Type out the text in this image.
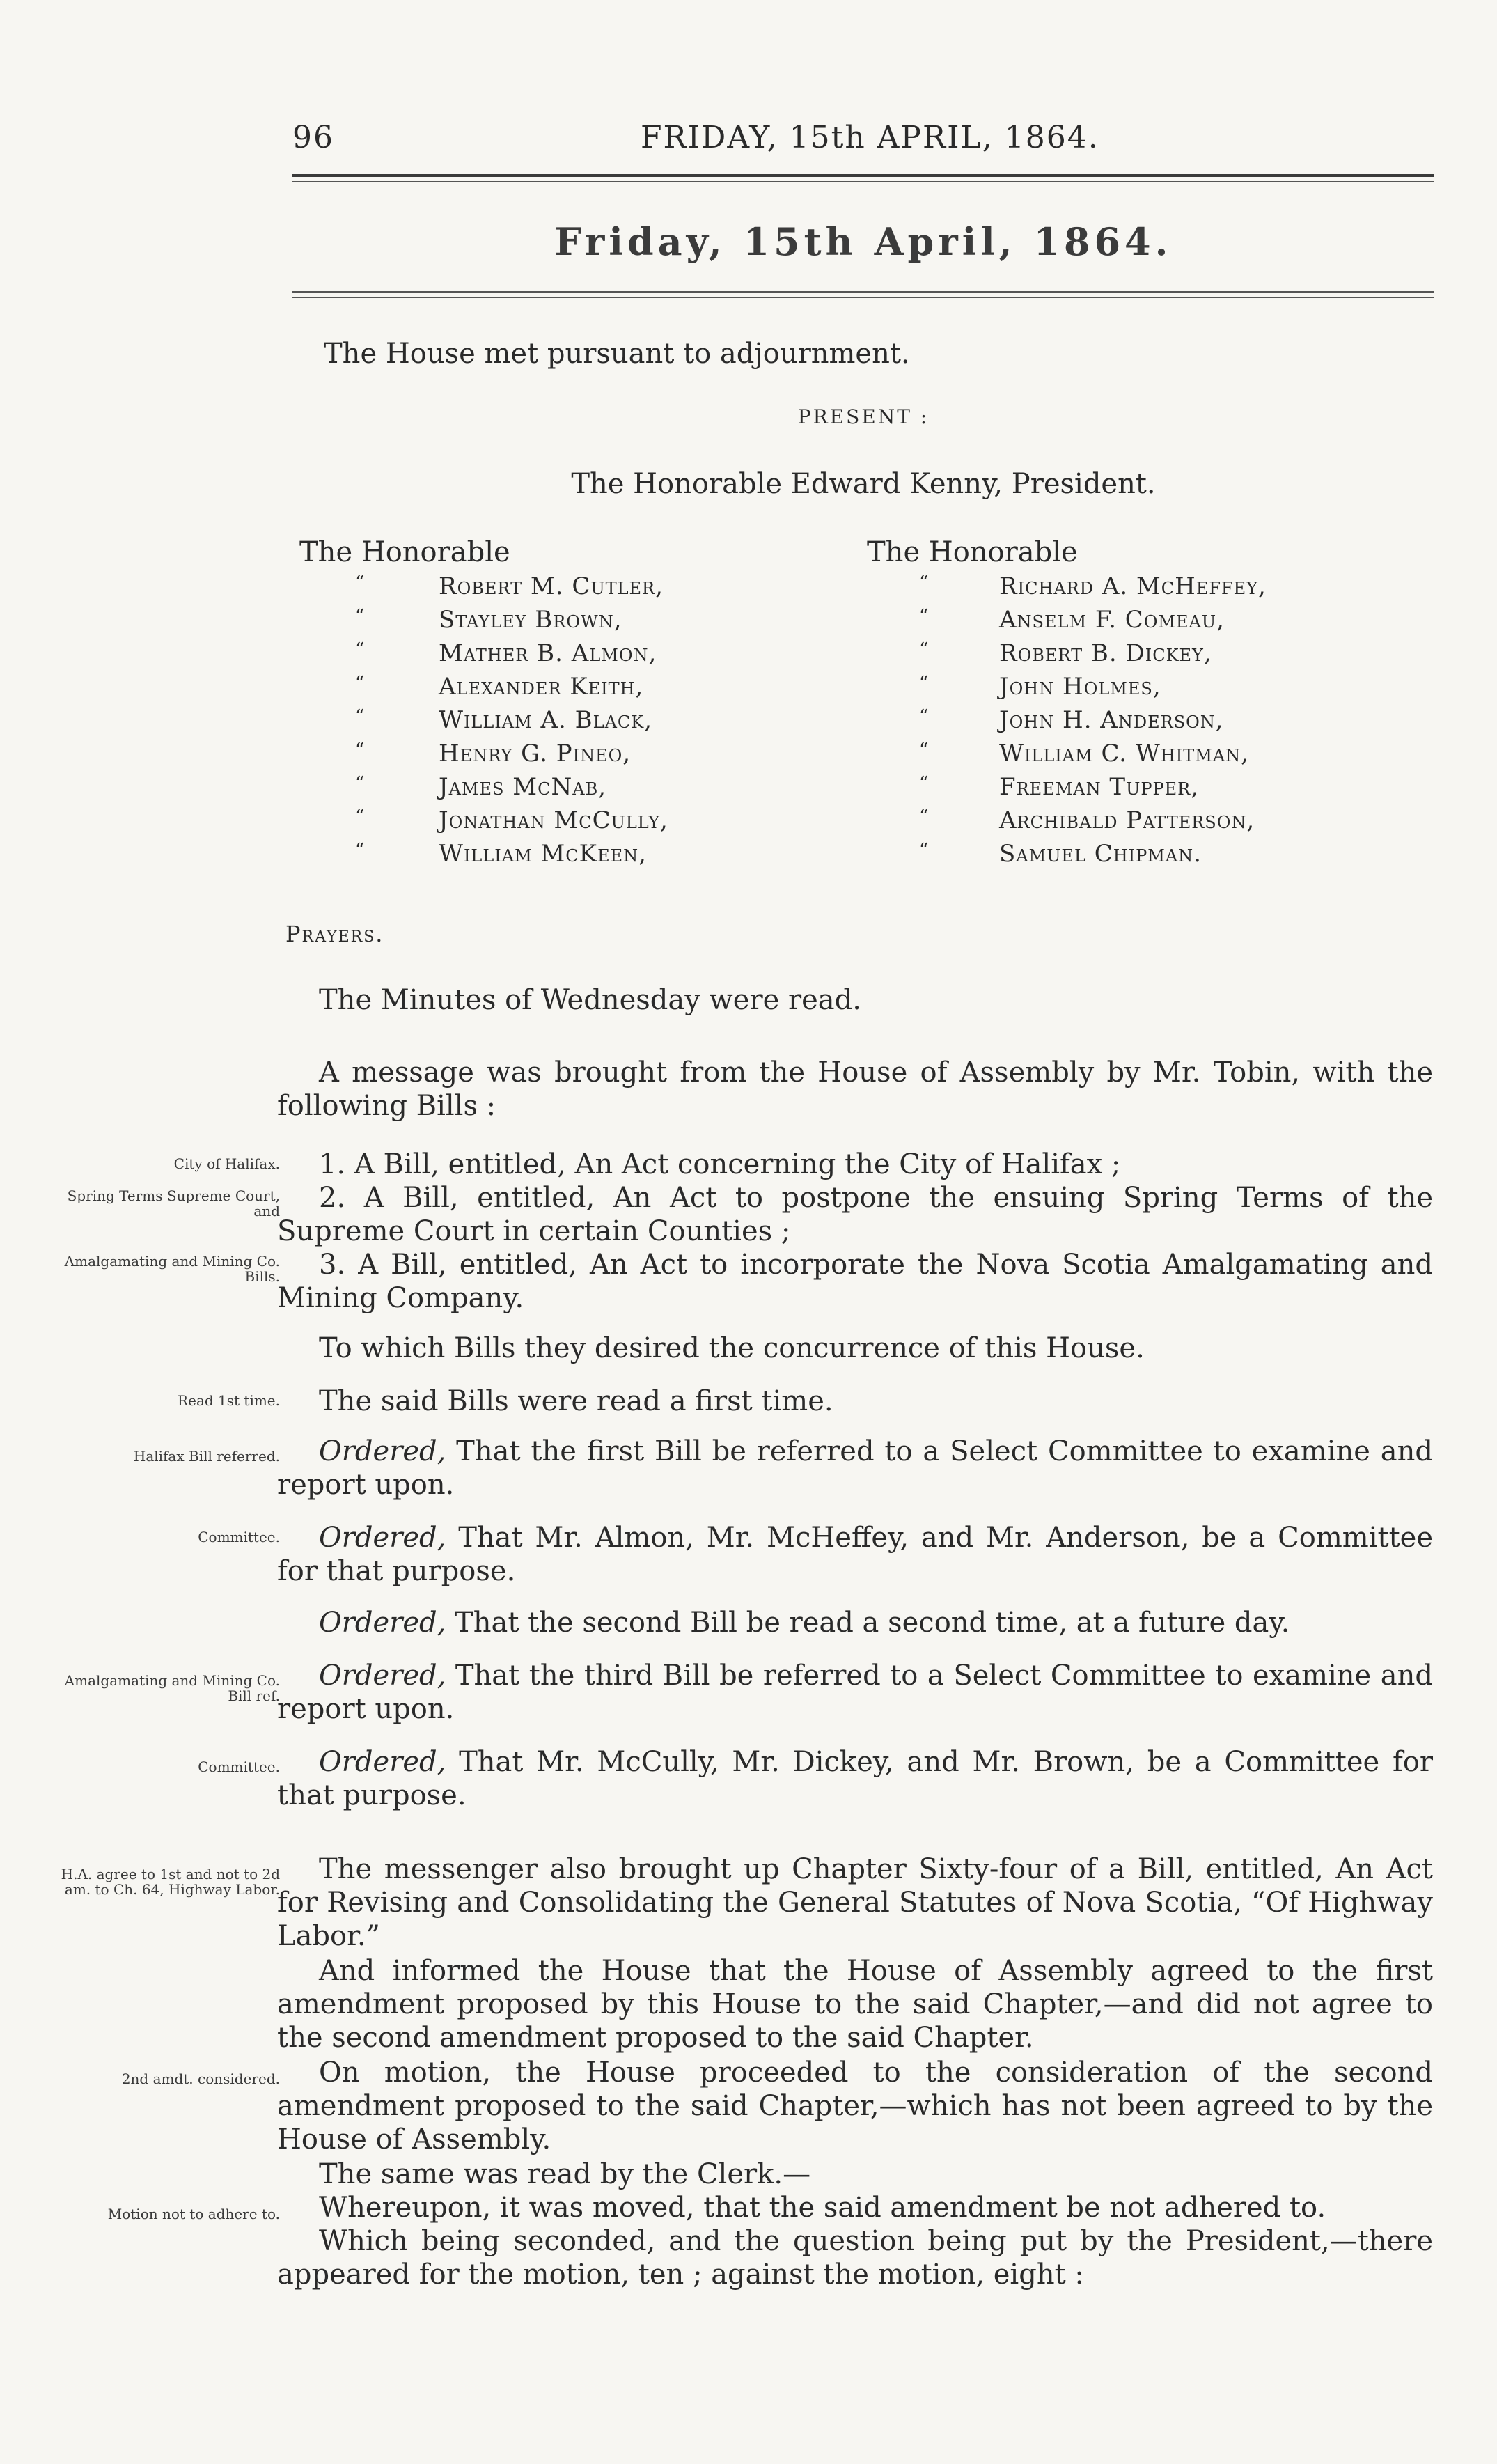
96	FRIDAY, 15th APRIL, 1864.
Friday, 15th April, 1864.
The House met pursuant to adjournment.
PRESENT :
The Honorable Edward Kenny, President.
The Honorable
“	Robert M. Cutler,
“	Stayley Brown,
“	Mather B. Almon,
“	Alexander Keith,
“	William A. Black,
“	Henry G. Pineo,
“	James McNab,
“	Jonathan McCully,
“	William McKeen,
The Honorable
“	Richard A. McHeffey,
“	Anselm F. Comeau,
“	Robert B. Dickey,
“	John Holmes,
“	John H. Anderson,
“	William C. Whitman,
“	Freeman Tupper,
“	Archibald Patterson,
“	Samuel Chipman.
Prayers.
City of Halifax.
Spring Terms Supreme Court, and
Amalgamating and Mining Co. Bills.
Read 1st time.
Halifax Bill referred.
Committee.
Amalgamating and Mining Co. Bill ref.
Committee.
H.A. agree to 1st and not to 2d am. to Ch. 64, Highway Labor.
2nd amdt. considered.
Motion not to adhere to.
The Minutes of Wednesday were read.
A message was brought from the House of Assembly by Mr. Tobin, with the following Bills :
1. A Bill, entitled, An Act concerning the City of Halifax ;
2. A Bill, entitled, An Act to postpone the ensuing Spring Terms of the Supreme Court in certain Counties ;
3. A Bill, entitled, An Act to incorporate the Nova Scotia Amalgamating and Mining Company.
To which Bills they desired the concurrence of this House.
The said Bills were read a first time.
Ordered, That the first Bill be referred to a Select Committee to examine and report upon.
Ordered, That Mr. Almon, Mr. McHeffey, and Mr. Anderson, be a Committee for that purpose.
Ordered, That the second Bill be read a second time, at a future day.
Ordered, That the third Bill be referred to a Select Committee to examine and report upon.
Ordered, That Mr. McCully, Mr. Dickey, and Mr. Brown, be a Committee for that purpose.
The messenger also brought up Chapter Sixty-four of a Bill, entitled, An Act for Revising and Consolidating the General Statutes of Nova Scotia, “Of Highway Labor.”
And informed the House that the House of Assembly agreed to the first amendment proposed by this House to the said Chapter,—and did not agree to the second amendment proposed to the said Chapter.
On motion, the House proceeded to the consideration of the second amendment proposed to the said Chapter,—which has not been agreed to by the House of Assembly.
The same was read by the Clerk.—
Whereupon, it was moved, that the said amendment be not adhered to.
Which being seconded, and the question being put by the President,—there appeared for the motion, ten ; against the motion, eight :
